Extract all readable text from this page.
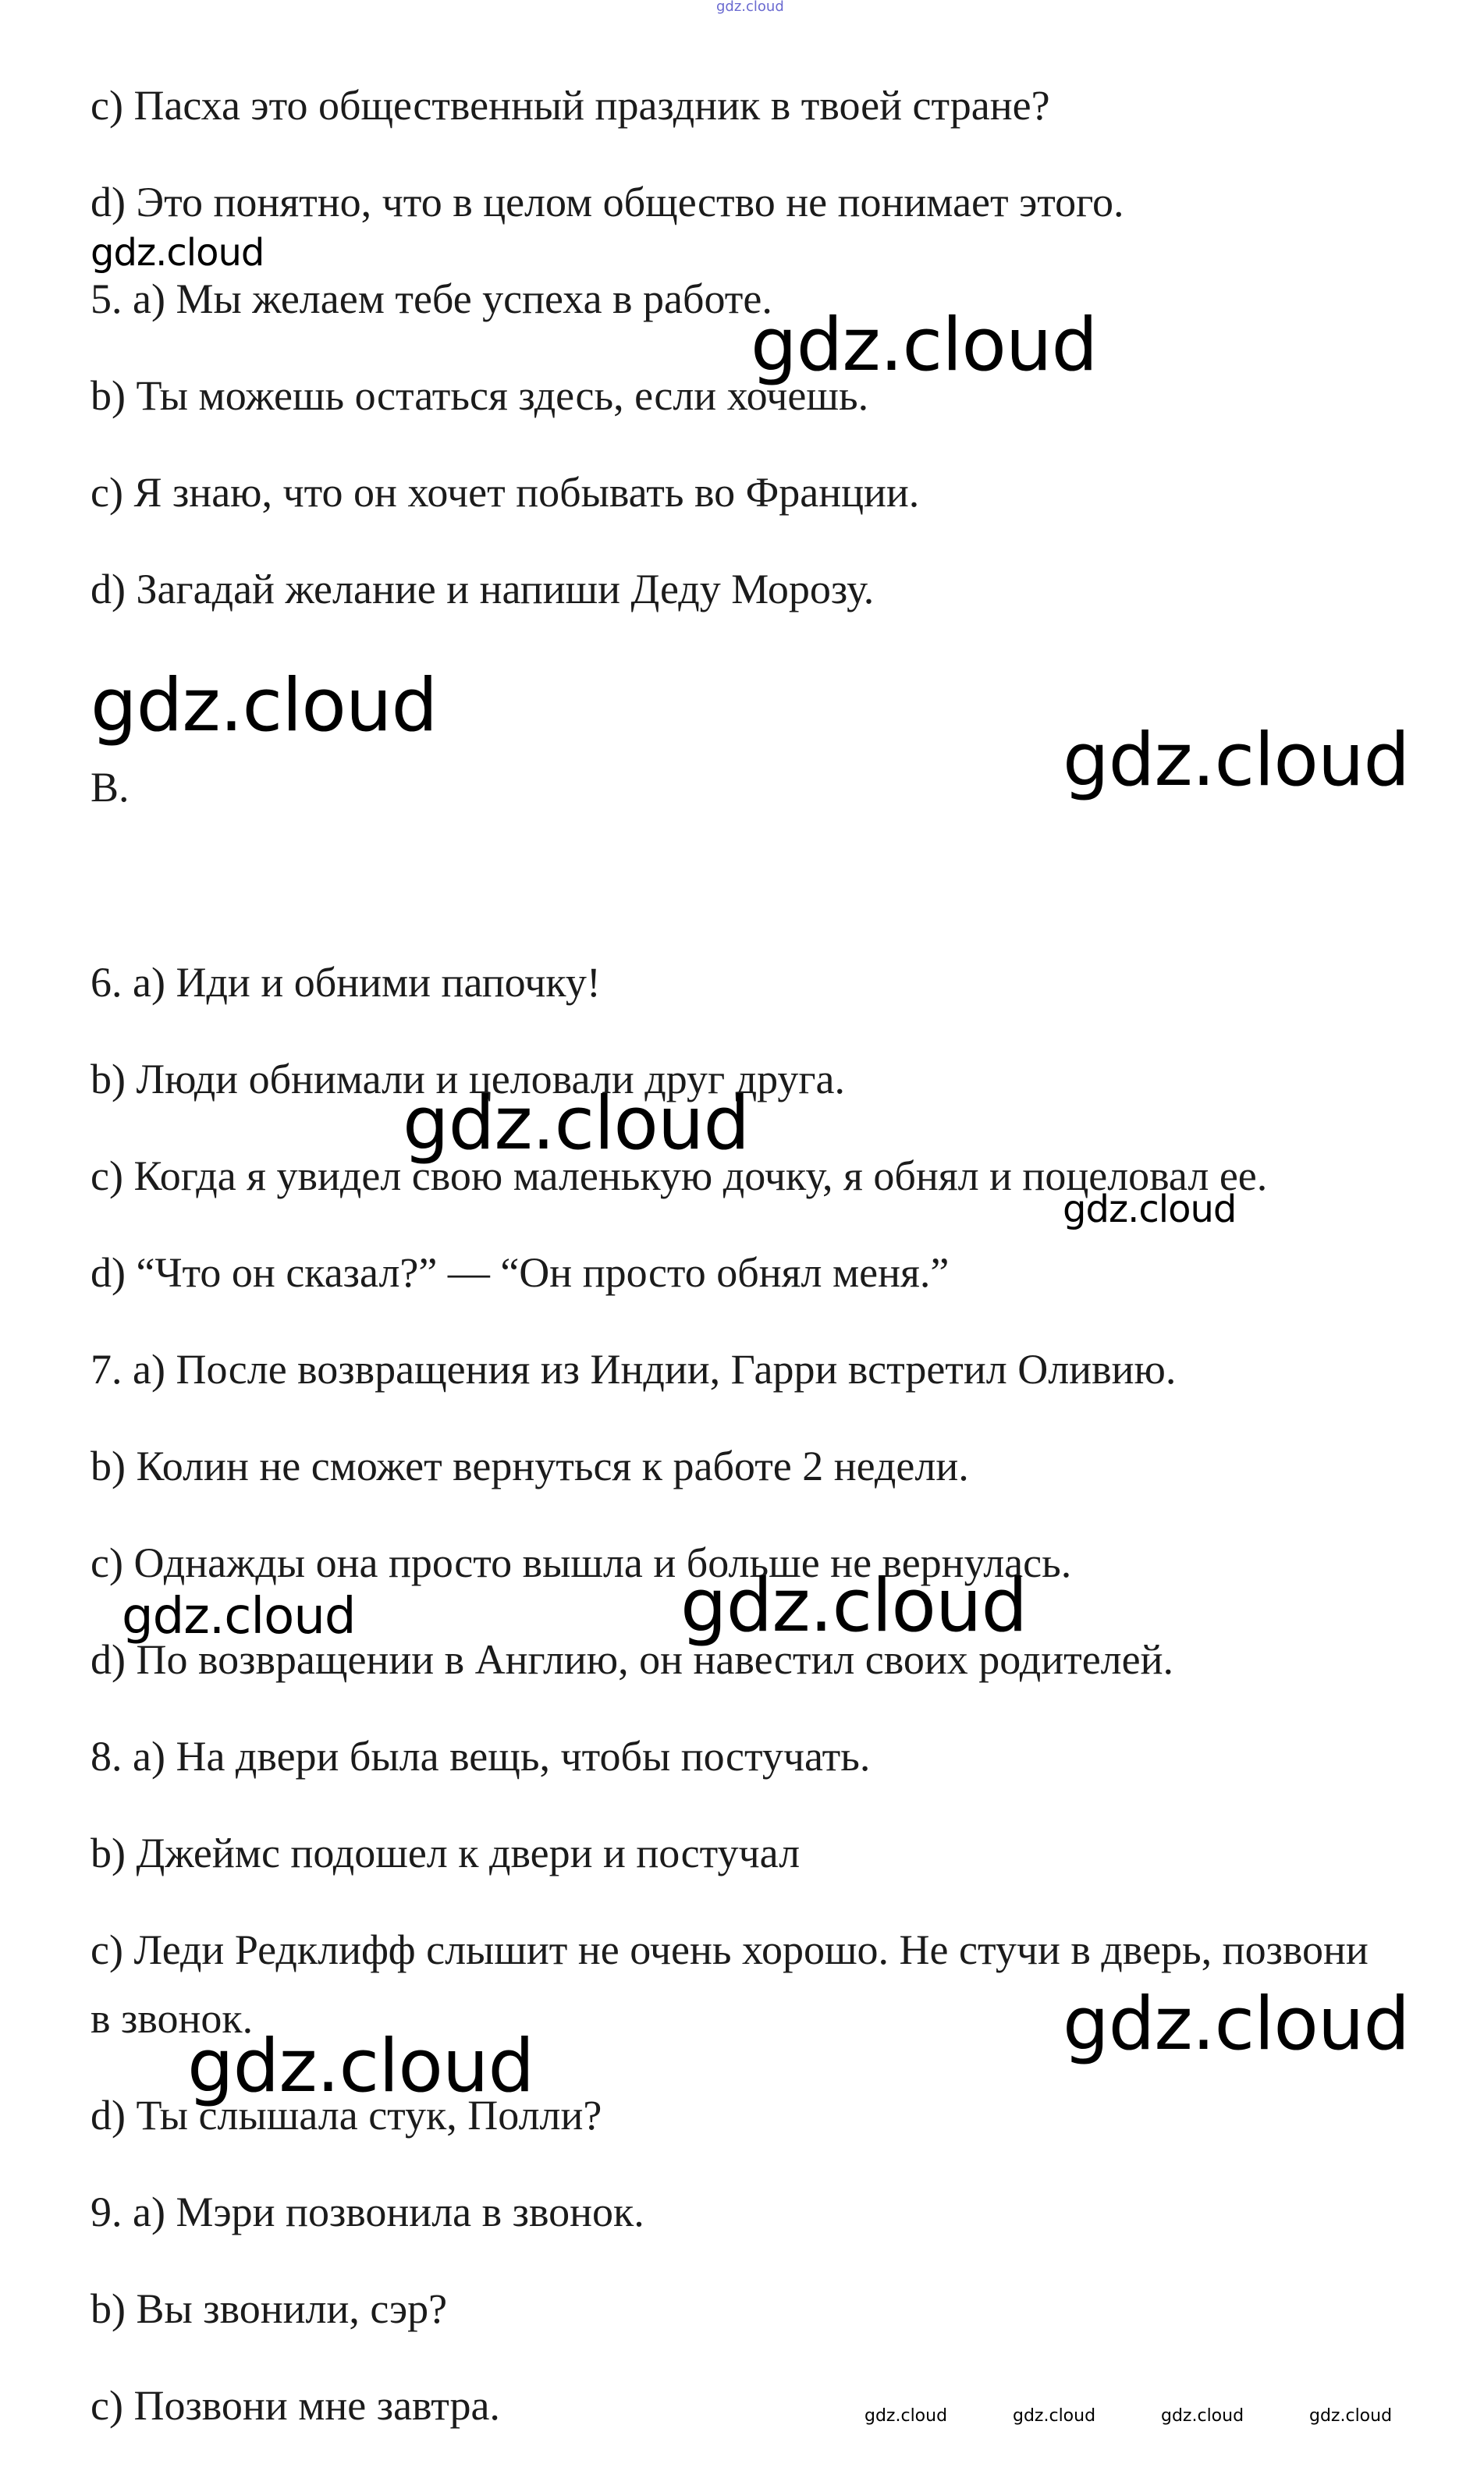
с) Пасха это общественный праздник в твоей стране?
d) Это понятно, что в целом общество не понимает этого.
5. a) Мы желаем тебе успеха в работе.
b) Ты можешь остаться здесь, если хочешь.
с) Я знаю, что он хочет побывать во Франции.
d) Загадай желание и напиши Деду Морозу.
B.
6. a) Иди и обними папочку!
b) Люди обнимали и целовали друг друга.
с) Когда я увидел свою маленькую дочку, я обнял и поцеловал ее.
d) “Что он сказал?” — “Он просто обнял меня.”
7. а) После возвращения из Индии, Гарри встретил Оливию.
b) Колин не сможет вернуться к работе 2 недели.
с) Однажды она просто вышла и больше не вернулась.
d) По возвращении в Англию, он навестил своих родителей.
8. а) На двери была вещь, чтобы постучать.
b) Джеймс подошел к двери и постучал
с) Леди Редклифф слышит не очень хорошо. Не стучи в дверь, позвони в звонок.
d) Ты слышала стук, Полли?
9. а) Мэри позвонила в звонок.
b) Вы звонили, сэр?
с) Позвони мне завтра.
gdz.cloud
gdz.cloud
gdz.cloud
gdz.cloud
gdz.cloud
gdz.cloud
gdz.cloud
gdz.cloud
gdz.cloud
gdz.cloud
gdz.cloud
gdz.cloud	gdz.cloud	gdz.cloud	gdz.cloud
